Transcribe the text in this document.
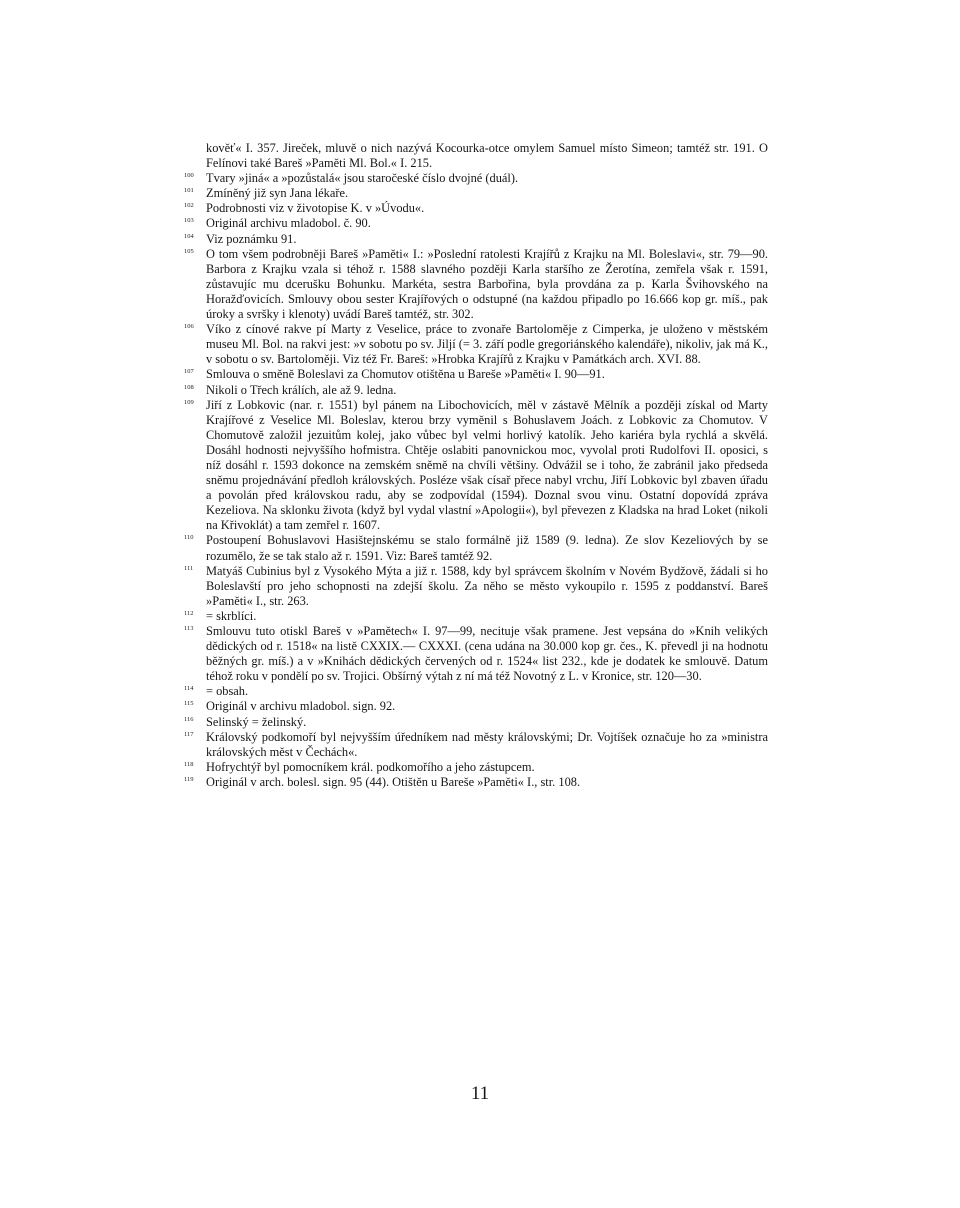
kověť« I. 357. Jireček, mluvě o nich nazývá Kocourka-otce omylem Samuel místo Simeon; tamtéž str. 191. O Felínovi také Bareš »Paměti Ml. Bol.« I. 215.
100 Tvary »jiná« a »pozůstalá« jsou staročeské číslo dvojné (duál).
101 Zmíněný již syn Jana lékaře.
102 Podrobnosti viz v životopise K. v »Úvodu«.
103 Originál archivu mladobol. č. 90.
104 Viz poznámku 91.
105 O tom všem podrobněji Bareš »Paměti« I.: »Poslední ratolesti Krajířů z Krajku na Ml. Boleslavi«, str. 79—90. Barbora z Krajku vzala si téhož r. 1588 slavného později Karla staršího ze Žerotína, zemřela však r. 1591, zůstavujíc mu dcerušku Bohunku. Markéta, sestra Barbořina, byla provdána za p. Karla Švihovského na Horažďovicích. Smlouvy obou sester Krajířových o odstupné (na každou připadlo po 16.666 kop gr. míš., pak úroky a svršky i klenoty) uvádí Bareš tamtéž, str. 302.
106 Víko z cínové rakve pí Marty z Veselice, práce to zvonaře Bartoloměje z Cimperka, je uloženo v městském museu Ml. Bol. na rakvi jest: »v sobotu po sv. Jiljí (= 3. září podle gregoriánského kalendáře), nikoliv, jak má K., v sobotu o sv. Bartoloměji. Viz též Fr. Bareš: »Hrobka Krajířů z Krajku v Památkách arch. XVI. 88.
107 Smlouva o směně Boleslavi za Chomutov otištěna u Bareše »Paměti« I. 90—91.
108 Nikoli o Třech králích, ale až 9. ledna.
109 Jiří z Lobkovic (nar. r. 1551) byl pánem na Libochovicích, měl v zástavě Mělník a později získal od Marty Krajířové z Veselice Ml. Boleslav, kterou brzy vyměnil s Bohuslavem Joách. z Lobkovic za Chomutov. V Chomutově založil jezuitům kolej, jako vůbec byl velmi horlivý katolík. Jeho kariéra byla rychlá a skvělá. Dosáhl hodnosti nejvyššího hofmistra. Chtěje oslabiti panovnickou moc, vyvolal proti Rudolfovi II. oposici, s níž dosáhl r. 1593 dokonce na zemském sněmě na chvíli většiny. Odvážil se i toho, že zabránil jako předseda sněmu projednávání předloh královských. Posléze však císař přece nabyl vrchu, Jiří Lobkovic byl zbaven úřadu a povolán před královskou radu, aby se zodpovídal (1594). Doznal svou vinu. Ostatní dopovídá zpráva Kezeliova. Na sklonku života (když byl vydal vlastní »Apologii«), byl převezen z Kladska na hrad Loket (nikoli na Křivoklát) a tam zemřel r. 1607.
110 Postoupení Bohuslavovi Hasištejnskému se stalo formálně již 1589 (9. ledna). Ze slov Kezeliových by se rozumělo, že se tak stalo až r. 1591. Viz: Bareš tamtéž 92.
111 Matyáš Cubinius byl z Vysokého Mýta a již r. 1588, kdy byl správcem školním v Novém Bydžově, žádali si ho Boleslavští pro jeho schopnosti na zdejší školu. Za něho se město vykoupilo r. 1595 z poddanství. Bareš »Paměti« I., str. 263.
112 = skrblíci.
113 Smlouvu tuto otiskl Bareš v »Pamětech« I. 97—99, necituje však pramene. Jest vepsána do »Knih velikých dědických od r. 1518« na listě CXXIX.— CXXXI. (cena udána na 30.000 kop gr. čes., K. převedl ji na hodnotu běžných gr. míš.) a v »Knihách dědických červených od r. 1524« list 232., kde je dodatek ke smlouvě. Datum téhož roku v pondělí po sv. Trojici. Obšírný výtah z ní má též Novotný z L. v Kronice, str. 120—30.
114 = obsah.
115 Originál v archivu mladobol. sign. 92.
116 Selinský = želinský.
117 Královský podkomoří byl nejvyšším úředníkem nad městy královskými; Dr. Vojtíšek označuje ho za »ministra královských měst v Čechách«.
118 Hofrychtýř byl pomocníkem král. podkomořího a jeho zástupcem.
119 Originál v arch. bolesl. sign. 95 (44). Otištěn u Bareše »Paměti« I., str. 108.
11
